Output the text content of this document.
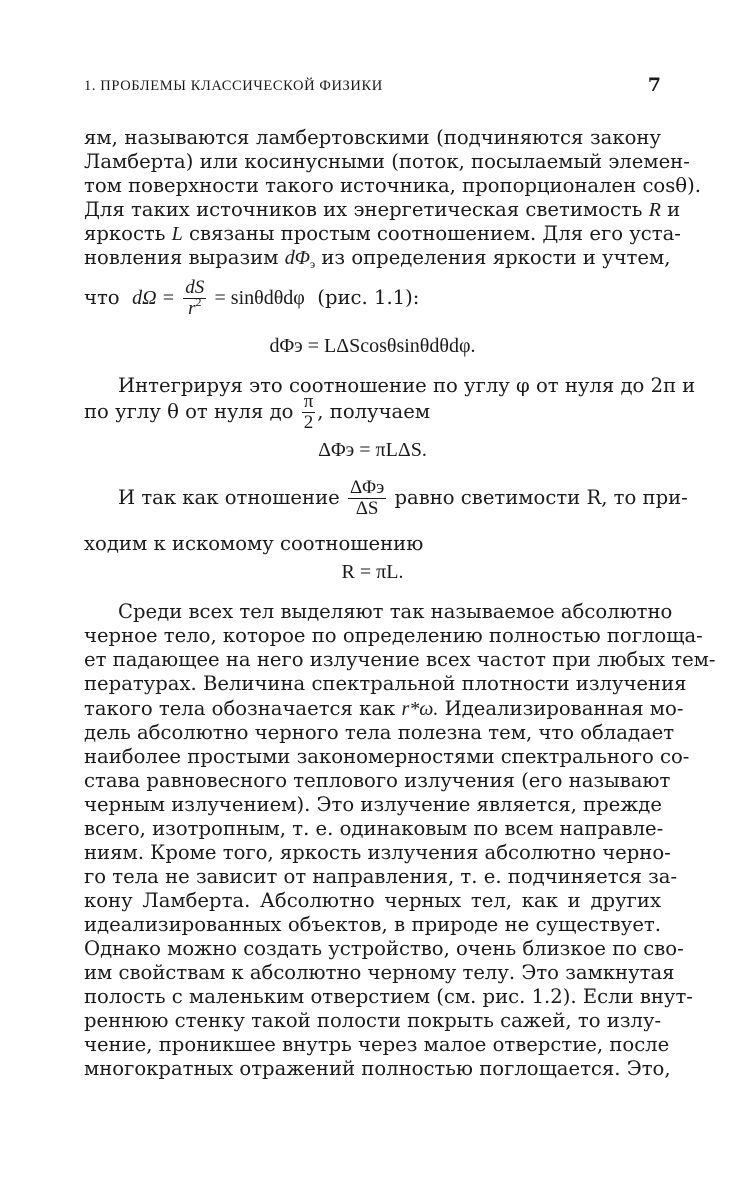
1. ПРОБЛЕМЫ КЛАССИЧЕСКОЙ ФИЗИКИ	7
ям, называются ламбертовскими (подчиняются закону
Ламберта) или косинусными (поток, посылаемый элемен-
том поверхности такого источника, пропорционален cosθ).
Для таких источников их энергетическая светимость R и
яркость L связаны простым соотношением. Для его уста-
новления выразим $d\Phi_э$ из определения яркости и учтем,
что $d\Omega = \frac{dS}{r^2} = \sin\theta d\theta d\varphi$ (рис. 1.1):
dΦэ = LΔScosθsinθdθdφ.
Интегрируя это соотношение по углу φ от нуля до 2π и
по углу θ от нуля до $\frac{\pi}{2}$ , получаем
ΔΦэ = πLΔS.
И так как отношение $\frac{\text{ΔΦэ}}{\Delta S}$ равно светимости R, то при-
ходим к искомому соотношению
R = πL.
Среди всех тел выделяют так называемое абсолютно
черное тело, которое по определению полностью поглоща-
ет падающее на него излучение всех частот при любых тем-
пературах. Величина спектральной плотности излучения
такого тела обозначается как r*ω. Идеализированная мо-
дель абсолютно черного тела полезна тем, что обладает
наиболее простыми закономерностями спектрального со-
става равновесного теплового излучения (его называют
черным излучением). Это излучение является, прежде
всего, изотропным, т. е. одинаковым по всем направле-
ниям. Кроме того, яркость излучения абсолютно черно-
го тела не зависит от направления, т. е. подчиняется за-
кону Ламберта. Абсолютно черных тел, как и других
идеализированных объектов, в природе не существует.
Однако можно создать устройство, очень близкое по сво-
им свойствам к абсолютно черному телу. Это замкнутая
полость с маленьким отверстием (см. рис. 1.2). Если внут-
реннюю стенку такой полости покрыть сажей, то излу-
чение, проникшее внутрь через малое отверстие, после
многократных отражений полностью поглощается. Это,
